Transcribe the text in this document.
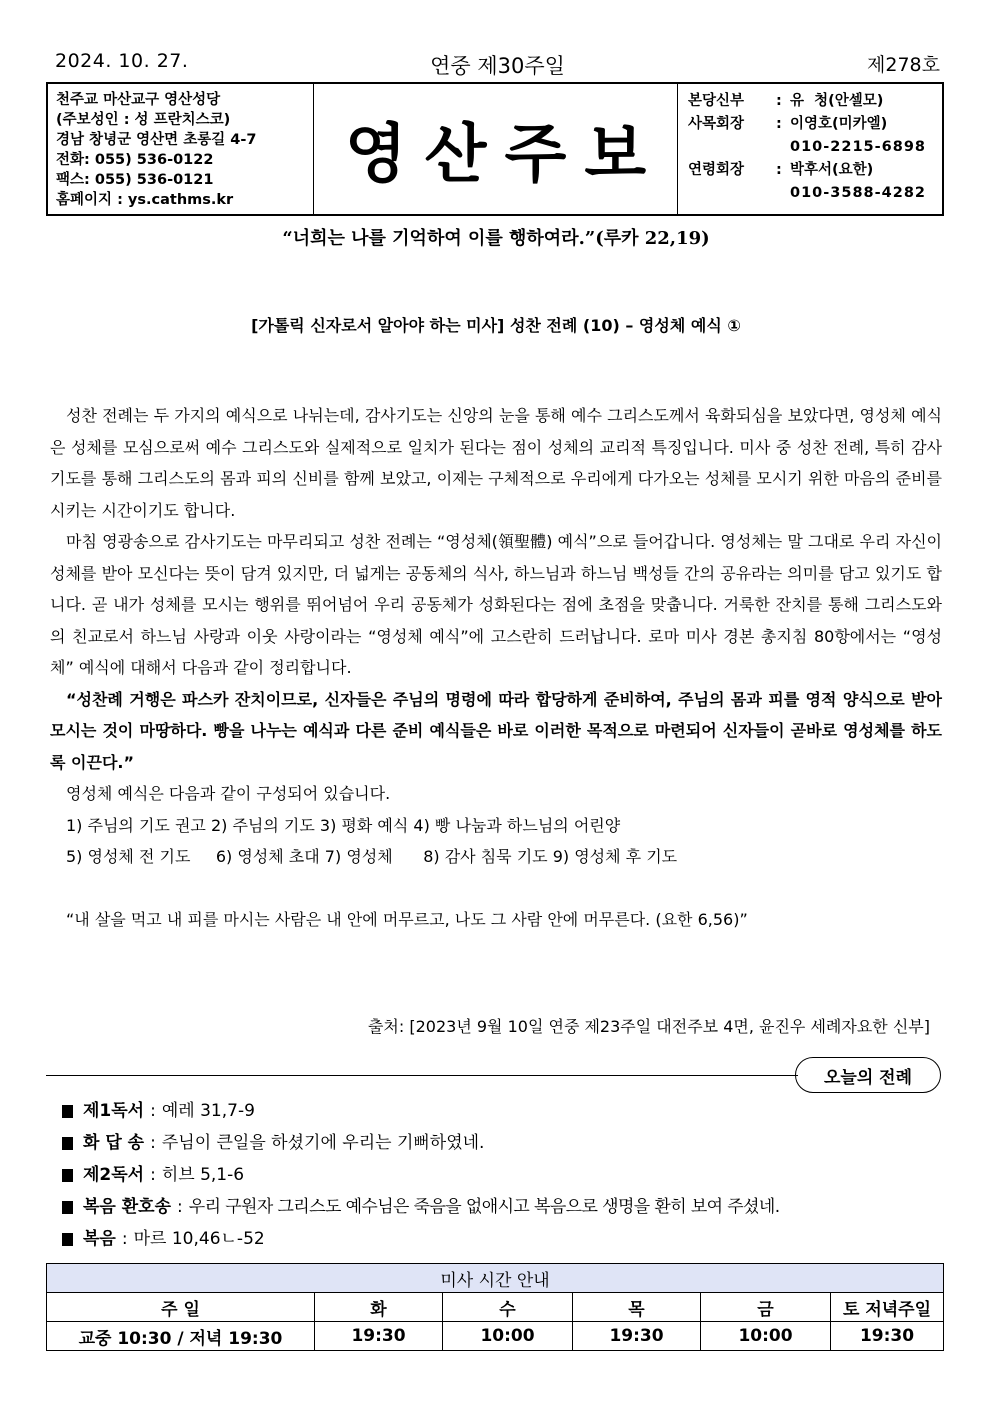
2024. 10. 27.	연중 제30주일	제278호
천주교 마산교구 영산성당
(주보성인 : 성 프란치스코)
경남 창녕군 영산면 초롱길 4-7
전화: 055) 536-0122
팩스: 055) 536-0121
홈페이지 : ys.cathms.kr
영산주보
본당신부	: 유  청(안셀모)
사목회장	: 이영호(미카엘)
010-2215-6898
연령회장	: 박후서(요한)
010-3588-4282
“너희는 나를 기억하여 이를 행하여라.”(루카 22,19)
[가톨릭 신자로서 알아야 하는 미사] 성찬 전례 (10) – 영성체 예식 ①

성찬 전례는 두 가지의 예식으로 나뉘는데, 감사기도는 신앙의 눈을 통해 예수 그리스도께서 육화되심을 보았다면, 영성체 예식은 성체를 모심으로써 예수 그리스도와 실제적으로 일치가 된다는 점이 성체의 교리적 특징입니다. 미사 중 성찬 전례, 특히 감사기도를 통해 그리스도의 몸과 피의 신비를 함께 보았고, 이제는 구체적으로 우리에게 다가오는 성체를 모시기 위한 마음의 준비를 시키는 시간이기도 합니다.

마침 영광송으로 감사기도는 마무리되고 성찬 전례는 “영성체(領聖體) 예식”으로 들어갑니다. 영성체는 말 그대로 우리 자신이 성체를 받아 모신다는 뜻이 담겨 있지만, 더 넓게는 공동체의 식사, 하느님과 하느님 백성들 간의 공유라는 의미를 담고 있기도 합니다. 곧 내가 성체를 모시는 행위를 뛰어넘어 우리 공동체가 성화된다는 점에 초점을 맞춥니다. 거룩한 잔치를 통해 그리스도와의 친교로서 하느님 사랑과 이웃 사랑이라는 “영성체 예식”에 고스란히 드러납니다. 로마 미사 경본 총지침 80항에서는 “영성체” 예식에 대해서 다음과 같이 정리합니다.

“성찬례 거행은 파스카 잔치이므로, 신자들은 주님의 명령에 따라 합당하게 준비하여, 주님의 몸과 피를 영적 양식으로 받아 모시는 것이 마땅하다. 빵을 나누는 예식과 다른 준비 예식들은 바로 이러한 목적으로 마련되어 신자들이 곧바로 영성체를 하도록 이끈다.”

영성체 예식은 다음과 같이 구성되어 있습니다.

1) 주님의 기도 권고 2) 주님의 기도 3) 평화 예식 4) 빵 나눔과 하느님의 어린양

5) 영성체 전 기도     6) 영성체 초대 7) 영성체      8) 감사 침묵 기도 9) 영성체 후 기도

“내 살을 먹고 내 피를 마시는 사람은 내 안에 머무르고, 나도 그 사람 안에 머무른다. (요한 6,56)”

출처: [2023년 9월 10일 연중 제23주일 대전주보 4면, 윤진우 세례자요한 신부]
오늘의 전례
제1독서 : 예레 31,7-9
화 답 송 : 주님이 큰일을 하셨기에 우리는 기뻐하였네.
제2독서 : 히브 5,1-6
복음 환호송 : 우리 구원자 그리스도 예수님은 죽음을 없애시고 복음으로 생명을 환히 보여 주셨네.
복음 : 마르 10,46ㄴ-52
미사 시간 안내					
주 일	화	수	목	금	토 저녁주일
교중 10:30 / 저녁 19:30	19:30	10:00	19:30	10:00	19:30
